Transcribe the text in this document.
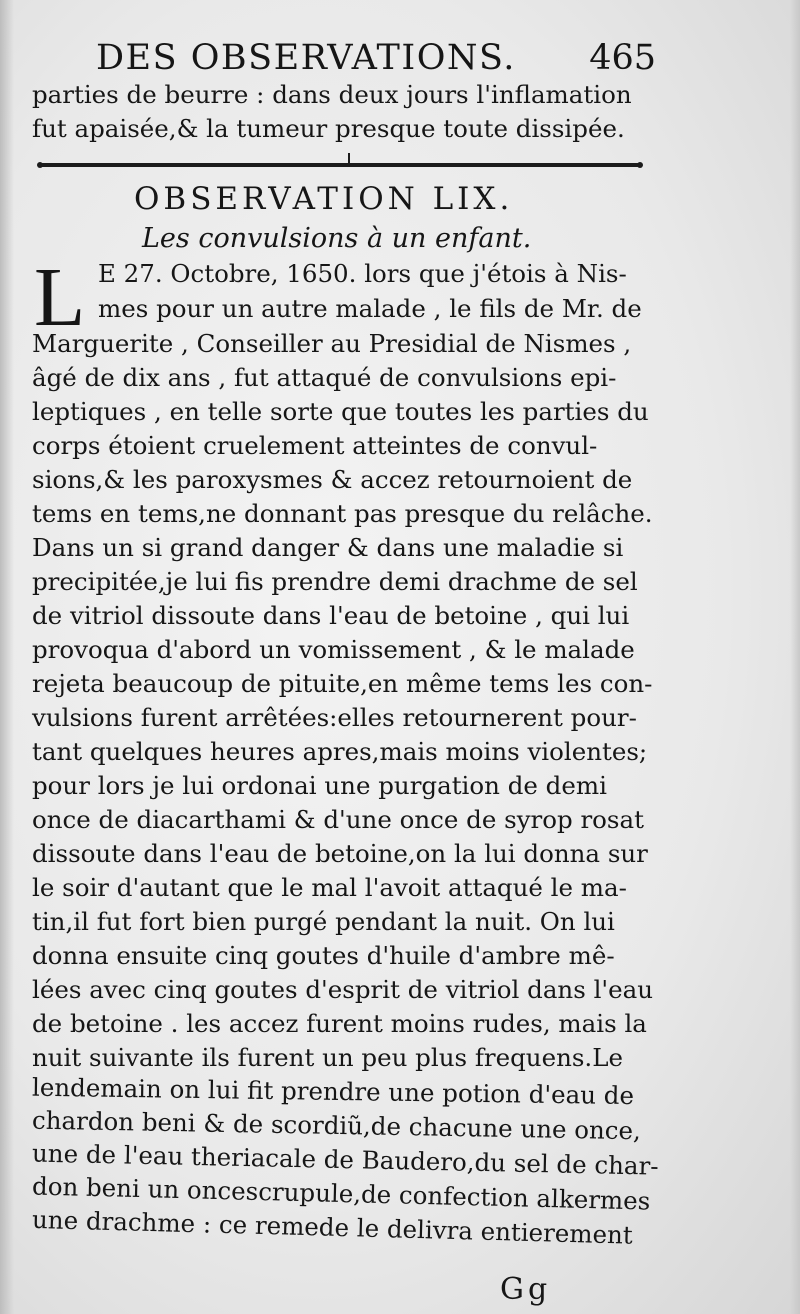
DES OBSERVATIONS. 465
parties de beurre : dans deux jours l'inflamation
fut apaisée,& la tumeur presque toute dissipée.
OBSERVATION LIX.
Les convulsions à un enfant.
L E 27. Octobre, 1650. lors que j'étois à Nis-
mes pour un autre malade , le fils de Mr. de
Marguerite , Conseiller au Presidial de Nismes ,
âgé de dix ans , fut attaqué de convulsions epi-
leptiques , en telle sorte que toutes les parties du
corps étoient cruelement atteintes de convul-
sions,& les paroxysmes & accez retournoient de
tems en tems,ne donnant pas presque du relâche.
Dans un si grand danger & dans une maladie si
precipitée,je lui fis prendre demi drachme de sel
de vitriol dissoute dans l'eau de betoine , qui lui
provoqua d'abord un vomissement , & le malade
rejeta beaucoup de pituite,en même tems les con-
vulsions furent arrêtées:elles retournerent pour-
tant quelques heures apres,mais moins violentes;
pour lors je lui ordonai une purgation de demi
once de diacarthami & d'une once de syrop rosat
dissoute dans l'eau de betoine,on la lui donna sur
le soir d'autant que le mal l'avoit attaqué le ma-
tin,il fut fort bien purgé pendant la nuit. On lui
donna ensuite cinq goutes d'huile d'ambre mê-
lées avec cinq goutes d'esprit de vitriol dans l'eau
de betoine . les accez furent moins rudes, mais la
nuit suivante ils furent un peu plus frequens.Le
lendemain on lui fit prendre une potion d'eau de
chardon beni & de scordiũ,de chacune une once,
une de l'eau theriacale de Baudero,du sel de char-
don beni un oncescrupule,de confection alkermes
une drachme : ce remede le delivra entierement
Gg
